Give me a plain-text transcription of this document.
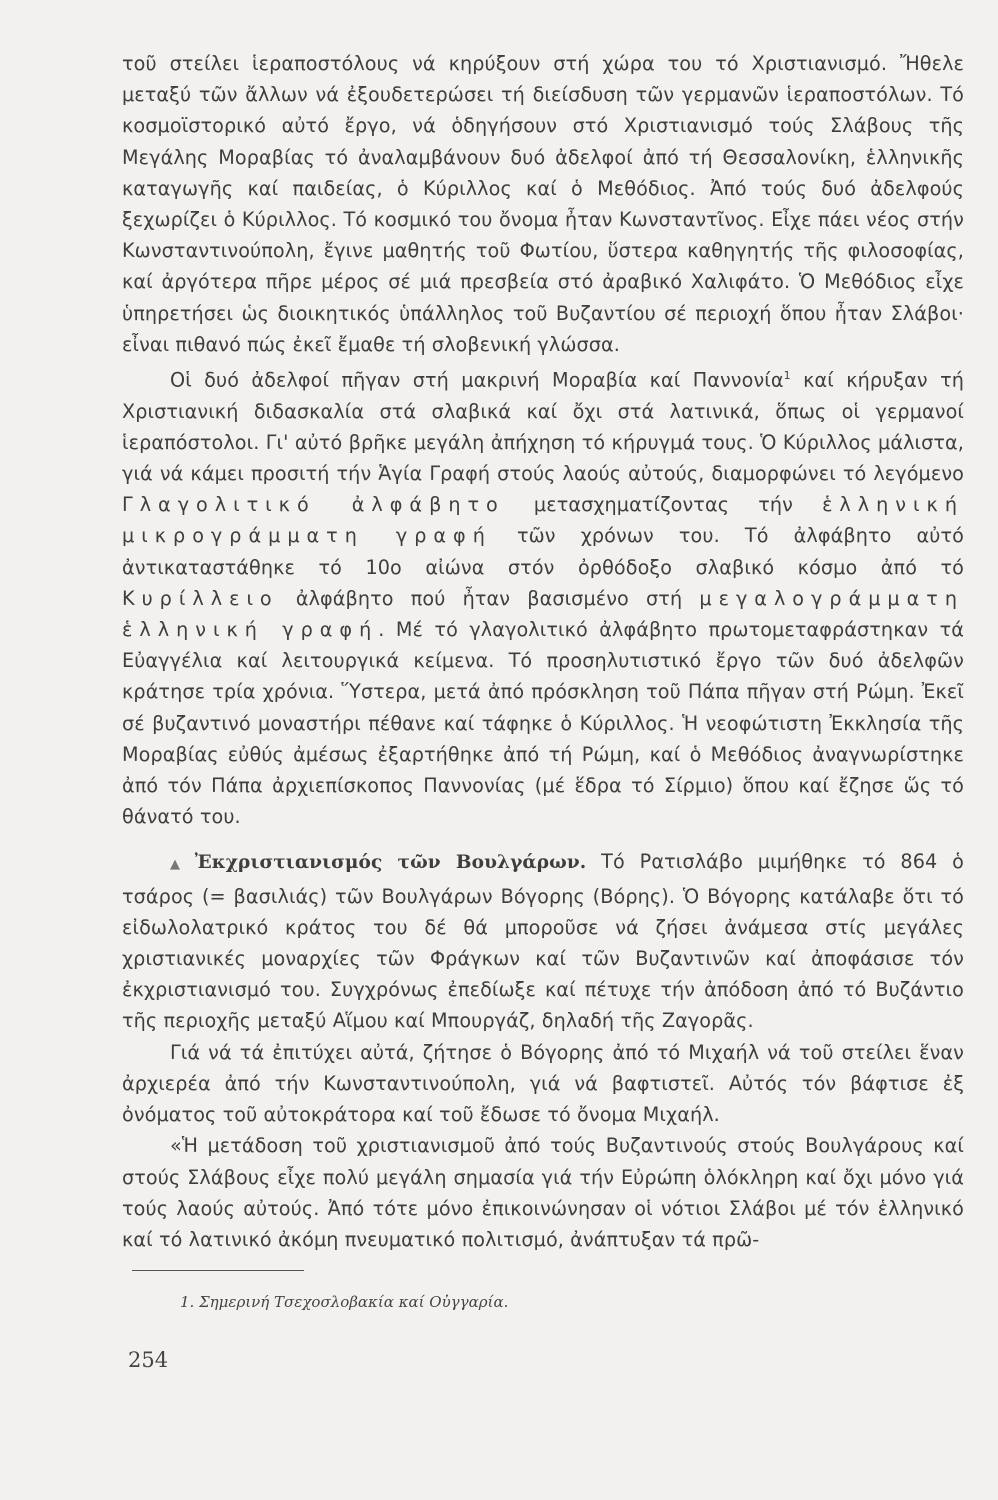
τοῦ στείλει ἱεραποστόλους νά κηρύξουν στή χώρα του τό Χριστιανισμό. Ἤθελε μεταξύ τῶν ἄλλων νά ἐξουδετερώσει τή διείσδυση τῶν γερμανῶν ἱεραποστόλων. Τό κοσμοϊστορικό αὐτό ἔργο, νά ὁδηγήσουν στό Χριστιανισμό τούς Σλάβους τῆς Μεγάλης Μοραβίας τό ἀναλαμβάνουν δυό ἀδελφοί ἀπό τή Θεσσαλονίκη, ἑλληνικῆς καταγωγῆς καί παιδείας, ὁ Κύριλλος καί ὁ Μεθόδιος. Ἀπό τούς δυό ἀδελφούς ξεχωρίζει ὁ Κύριλλος. Τό κοσμικό του ὄνομα ἦταν Κωνσταντῖνος. Εἶχε πάει νέος στήν Κωνσταντινούπολη, ἔγινε μαθητής τοῦ Φωτίου, ὕστερα καθηγητής τῆς φιλοσοφίας, καί ἀργότερα πῆρε μέρος σέ μιά πρεσβεία στό ἀραβικό Χαλιφάτο. Ὁ Μεθόδιος εἶχε ὑπηρετήσει ὡς διοικητικός ὑπάλληλος τοῦ Βυζαντίου σέ περιοχή ὅπου ἦταν Σλάβοι· εἶναι πιθανό πώς ἐκεῖ ἔμαθε τή σλοβενική γλώσσα.

Οἱ δυό ἀδελφοί πῆγαν στή μακρινή Μοραβία καί Παννονία$^1$ καί κήρυξαν τή Χριστιανική διδασκαλία στά σλαβικά καί ὄχι στά λατινικά, ὅπως οἱ γερμανοί ἱεραπόστολοι. Γι' αὐτό βρῆκε μεγάλη ἀπήχηση τό κήρυγμά τους. Ὁ Κύριλλος μάλιστα, γιά νά κάμει προσιτή τήν Ἁγία Γραφή στούς λαούς αὐτούς, διαμορφώνει τό λεγόμενο Γλαγολιτικό ἀλφάβητο μετασχηματίζοντας τήν ἑλληνική μικρογράμματη γραφή τῶν χρόνων του. Τό ἀλφάβητο αὐτό ἀντικαταστάθηκε τό 10ο αἰώνα στόν ὀρθόδοξο σλαβικό κόσμο ἀπό τό Κυρίλλειο ἀλφάβητο πού ἦταν βασισμένο στή μεγαλογράμματη ἑλληνική γραφή. Μέ τό γλαγολιτικό ἀλφάβητο πρωτομεταφράστηκαν τά Εὐαγγέλια καί λειτουργικά κείμενα. Τό προσηλυτιστικό ἔργο τῶν δυό ἀδελφῶν κράτησε τρία χρόνια. Ὕστερα, μετά ἀπό πρόσκληση τοῦ Πάπα πῆγαν στή Ρώμη. Ἐκεῖ σέ βυζαντινό μοναστήρι πέθανε καί τάφηκε ὁ Κύριλλος. Ἡ νεοφώτιστη Ἐκκλησία τῆς Μοραβίας εὐθύς ἀμέσως ἐξαρτήθηκε ἀπό τή Ρώμη, καί ὁ Μεθόδιος ἀναγνωρίστηκε ἀπό τόν Πάπα ἀρχιεπίσκοπος Παννονίας (μέ ἕδρα τό Σίρμιο) ὅπου καί ἔζησε ὥς τό θάνατό του.

▲ Ἐκχριστιανισμός τῶν Βουλγάρων. Τό Ρατισλάβο μιμήθηκε τό 864 ὁ τσάρος (= βασιλιάς) τῶν Βουλγάρων Βόγορης (Βόρης). Ὁ Βόγορης κατάλαβε ὅτι τό εἰδωλολατρικό κράτος του δέ θά μποροῦσε νά ζήσει ἀνάμεσα στίς μεγάλες χριστιανικές μοναρχίες τῶν Φράγκων καί τῶν Βυζαντινῶν καί ἀποφάσισε τόν ἐκχριστιανισμό του. Συγχρόνως ἐπεδίωξε καί πέτυχε τήν ἀπόδοση ἀπό τό Βυζάντιο τῆς περιοχῆς μεταξύ Αἵμου καί Μπουργάζ, δηλαδή τῆς Ζαγορᾶς.

Γιά νά τά ἐπιτύχει αὐτά, ζήτησε ὁ Βόγορης ἀπό τό Μιχαήλ νά τοῦ στείλει ἕναν ἀρχιερέα ἀπό τήν Κωνσταντινούπολη, γιά νά βαφτιστεῖ. Αὐτός τόν βάφτισε ἐξ ὀνόματος τοῦ αὐτοκράτορα καί τοῦ ἔδωσε τό ὄνομα Μιχαήλ.

«Ἡ μετάδοση τοῦ χριστιανισμοῦ ἀπό τούς Βυζαντινούς στούς Βουλγάρους καί στούς Σλάβους εἶχε πολύ μεγάλη σημασία γιά τήν Εὐρώπη ὁλόκληρη καί ὄχι μόνο γιά τούς λαούς αὐτούς. Ἀπό τότε μόνο ἐπικοινώνησαν οἱ νότιοι Σλάβοι μέ τόν ἑλληνικό καί τό λατινικό ἀκόμη πνευματικό πολιτισμό, ἀνάπτυξαν τά πρῶ-

1. Σημερινή Τσεχοσλοβακία καί Οὐγγαρία.
254
